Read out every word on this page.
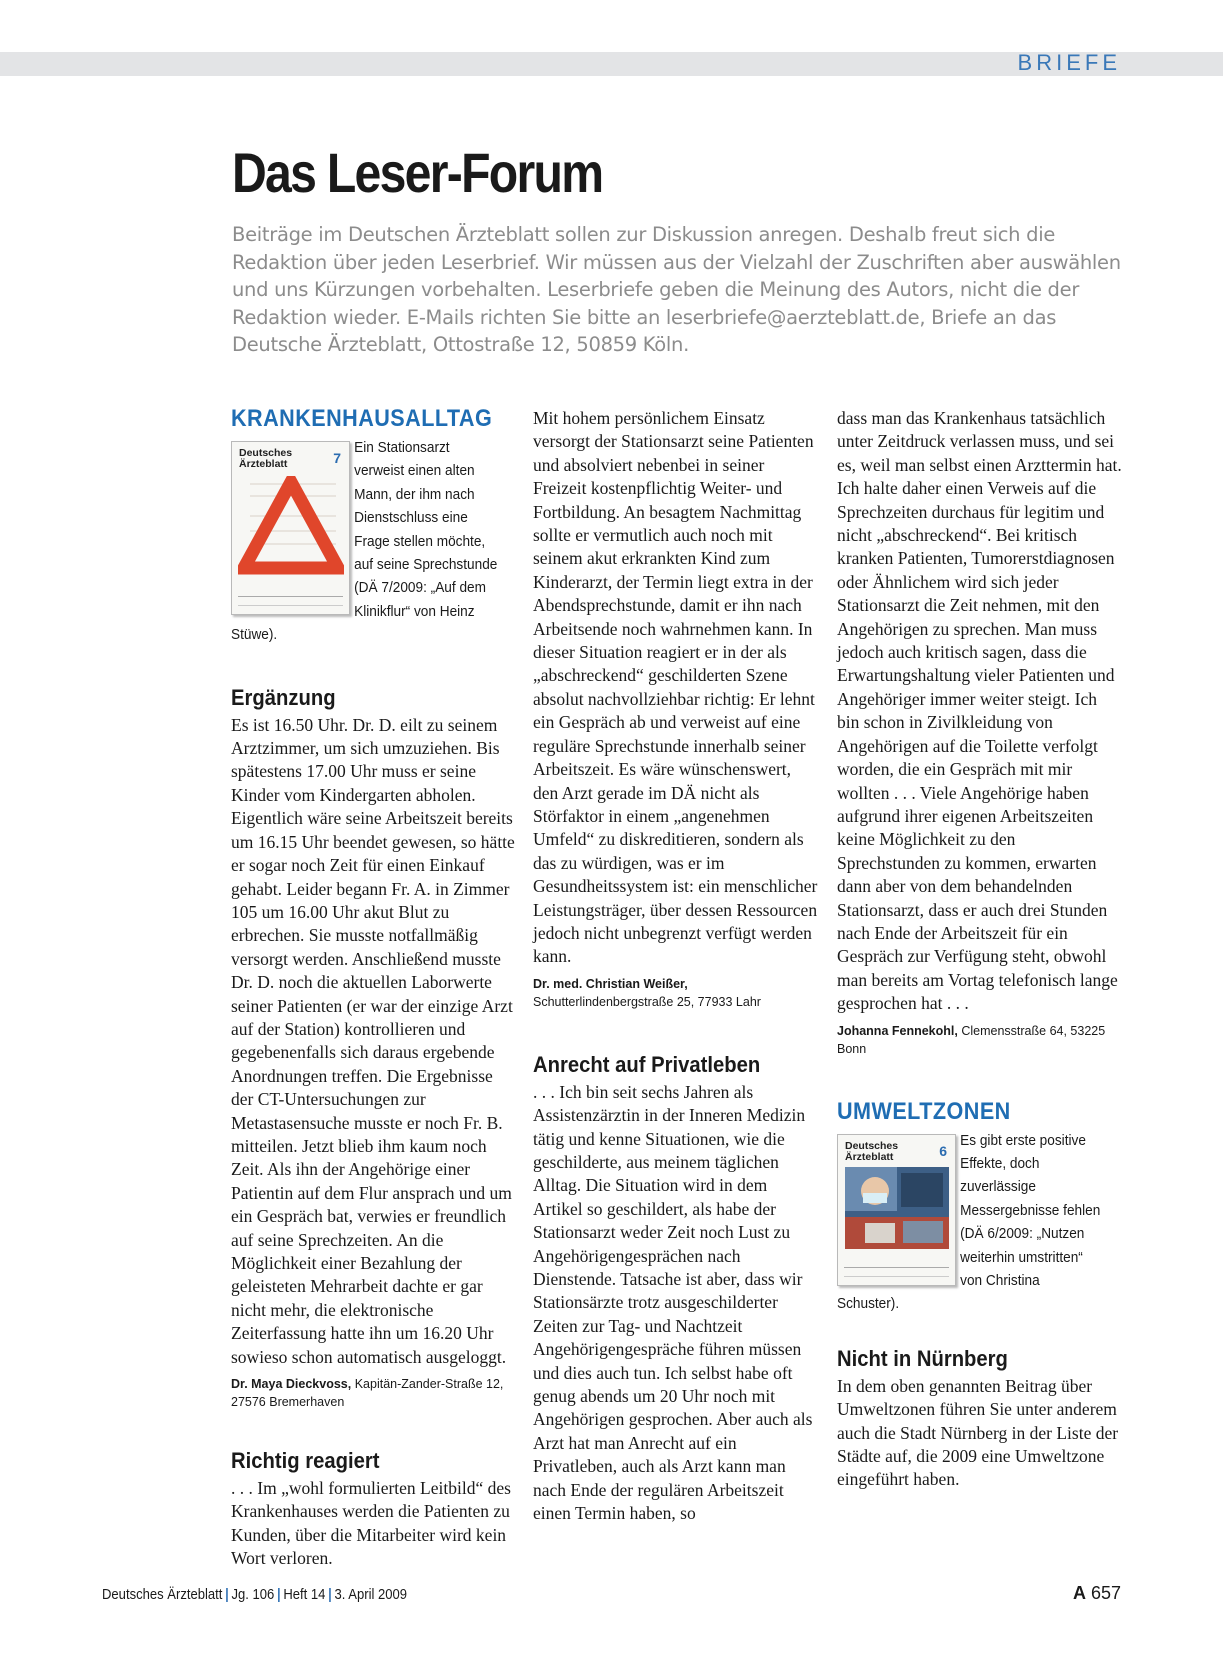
BRIEFE
Das Leser-Forum
Beiträge im Deutschen Ärzteblatt sollen zur Diskussion anregen. Deshalb freut sich die Redaktion über jeden Leserbrief. Wir müssen aus der Vielzahl der Zuschriften aber auswählen und uns Kürzungen vorbehalten. Leserbriefe geben die Meinung des Autors, nicht die der Redaktion wieder. E-Mails richten Sie bitte an leserbriefe@aerzteblatt.de, Briefe an das Deutsche Ärzteblatt, Ottostraße 12, 50859 Köln.
KRANKENHAUSALLTAG
Deutsches
Ärzteblatt	7
Ein Stationsarzt verweist einen alten Mann, der ihm nach Dienstschluss eine Frage stellen möchte, auf seine Sprechstunde (DÄ 7/2009: „Auf dem Klinikflur“ von Heinz Stüwe).
Ergänzung
Es ist 16.50 Uhr. Dr. D. eilt zu seinem Arztzimmer, um sich umzuziehen. Bis spätestens 17.00 Uhr muss er seine Kinder vom Kindergarten abholen. Eigentlich wäre seine Arbeitszeit bereits um 16.15 Uhr beendet gewesen, so hätte er sogar noch Zeit für einen Einkauf gehabt. Leider begann Fr. A. in Zimmer 105 um 16.00 Uhr akut Blut zu erbrechen. Sie musste notfallmäßig versorgt werden. Anschließend musste Dr. D. noch die aktuellen Laborwerte seiner Patienten (er war der einzige Arzt auf der Station) kontrollieren und gegebenenfalls sich daraus ergebende Anordnungen treffen. Die Ergebnisse der CT-Untersuchungen zur Metastasensuche musste er noch Fr. B. mitteilen. Jetzt blieb ihm kaum noch Zeit. Als ihn der Angehörige einer Patientin auf dem Flur ansprach und um ein Gespräch bat, verwies er freundlich auf seine Sprechzeiten. An die Möglichkeit einer Bezahlung der geleisteten Mehrarbeit dachte er gar nicht mehr, die elektronische Zeiterfassung hatte ihn um 16.20 Uhr sowieso schon automatisch ausgeloggt.
Dr. Maya Dieckvoss, Kapitän-Zander-Straße 12, 27576 Bremerhaven
Richtig reagiert
. . . Im „wohl formulierten Leitbild“ des Krankenhauses werden die Patienten zu Kunden, über die Mitarbeiter wird kein Wort verloren.
Mit hohem persönlichem Einsatz versorgt der Stationsarzt seine Patienten und absolviert nebenbei in seiner Freizeit kostenpflichtig Weiter- und Fortbildung. An besagtem Nachmittag sollte er vermutlich auch noch mit seinem akut erkrankten Kind zum Kinderarzt, der Termin liegt extra in der Abendsprechstunde, damit er ihn nach Arbeitsende noch wahrnehmen kann. In dieser Situation reagiert er in der als „abschreckend“ geschilderten Szene absolut nachvollziehbar richtig: Er lehnt ein Gespräch ab und verweist auf eine reguläre Sprechstunde innerhalb seiner Arbeitszeit. Es wäre wünschenswert, den Arzt gerade im DÄ nicht als Störfaktor in einem „angenehmen Umfeld“ zu diskreditieren, sondern als das zu würdigen, was er im Gesundheitssystem ist: ein menschlicher Leistungsträger, über dessen Ressourcen jedoch nicht unbegrenzt verfügt werden kann.
Dr. med. Christian Weißer,
Schutterlindenbergstraße 25, 77933 Lahr
Anrecht auf Privatleben
. . . Ich bin seit sechs Jahren als Assistenzärztin in der Inneren Medizin tätig und kenne Situationen, wie die geschilderte, aus meinem täglichen Alltag. Die Situation wird in dem Artikel so geschildert, als habe der Stationsarzt weder Zeit noch Lust zu Angehörigengesprächen nach Dienstende. Tatsache ist aber, dass wir Stationsärzte trotz ausgeschilderter Zeiten zur Tag- und Nachtzeit Angehörigengespräche führen müssen und dies auch tun. Ich selbst habe oft genug abends um 20 Uhr noch mit Angehörigen gesprochen. Aber auch als Arzt hat man Anrecht auf ein Privatleben, auch als Arzt kann man nach Ende der regulären Arbeitszeit einen Termin haben, so
dass man das Krankenhaus tatsächlich unter Zeitdruck verlassen muss, und sei es, weil man selbst einen Arzttermin hat. Ich halte daher einen Verweis auf die Sprechzeiten durchaus für legitim und nicht „abschreckend“. Bei kritisch kranken Patienten, Tumorerstdiagnosen oder Ähnlichem wird sich jeder Stationsarzt die Zeit nehmen, mit den Angehörigen zu sprechen. Man muss jedoch auch kritisch sagen, dass die Erwartungshaltung vieler Patienten und Angehöriger immer weiter steigt. Ich bin schon in Zivilkleidung von Angehörigen auf die Toilette verfolgt worden, die ein Gespräch mit mir wollten . . . Viele Angehörige haben aufgrund ihrer eigenen Arbeitszeiten keine Möglichkeit zu den Sprechstunden zu kommen, erwarten dann aber von dem behandelnden Stationsarzt, dass er auch drei Stunden nach Ende der Arbeitszeit für ein Gespräch zur Verfügung steht, obwohl man bereits am Vortag telefonisch lange gesprochen hat . . .
Johanna Fennekohl, Clemensstraße 64, 53225 Bonn
UMWELTZONEN
Deutsches
Ärzteblatt	6
Es gibt erste positive Effekte, doch zuverlässige Messergebnisse fehlen (DÄ 6/2009: „Nutzen weiterhin umstritten“ von Christina Schuster).
Nicht in Nürnberg
In dem oben genannten Beitrag über Umweltzonen führen Sie unter anderem auch die Stadt Nürnberg in der Liste der Städte auf, die 2009 eine Umweltzone eingeführt haben.
Deutsches Ärzteblatt | Jg. 106 | Heft 14 | 3. April 2009	A 657
